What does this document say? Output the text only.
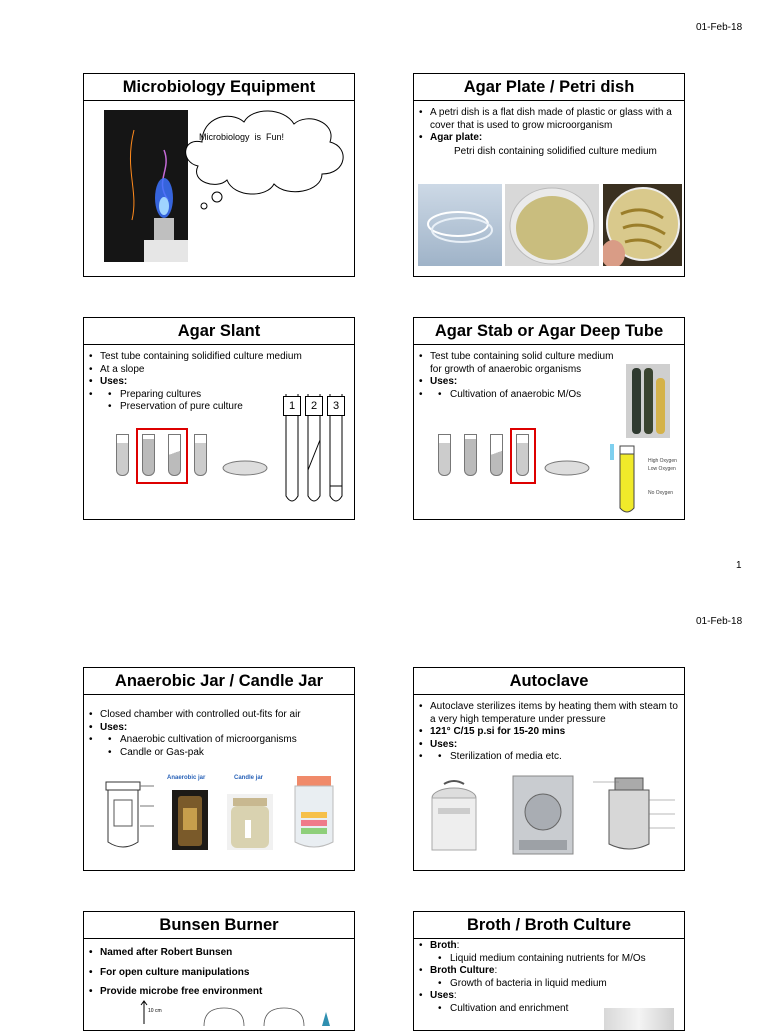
01-Feb-18
Microbiology Equipment
Microbiology  is  Fun!
Agar Plate / Petri dish
• A petri dish is a flat dish made of plastic or glass with a cover that is used to grow microorganism
• Agar plate:
Petri dish containing solidified culture medium
Agar Slant
• Test tube containing solidified culture medium
• At a slope
• Uses:
• • Preparing cultures
• Preservation of pure culture	1	2	3
Agar Stab or Agar Deep Tube
• Test tube containing solid culture medium for growth of anaerobic organisms
• Uses:
• • Cultivation of anaerobic M/Os
High Oxygen
Low Oxygen
No Oxygen
1
01-Feb-18
Anaerobic Jar / Candle Jar
• Closed chamber with controlled out-fits for air
• Uses:
• • Anaerobic cultivation of microorganisms
• Candle or Gas-pak
Anaerobic jar	Candle jar
Autoclave
• Autoclave sterilizes items by heating them with steam to a very high temperature under pressure
• 121° C/15 p.si for 15-20 mins
• Uses:
• • Sterilization of media etc.
Bunsen Burner
• Named after Robert Bunsen
• For open culture manipulations
• Provide microbe free environment
10 cm
Broth / Broth Culture
• Broth:
• Liquid medium containing nutrients for M/Os
• Broth Culture:
• Growth of bacteria in liquid medium
• Uses:
• Cultivation and enrichment
